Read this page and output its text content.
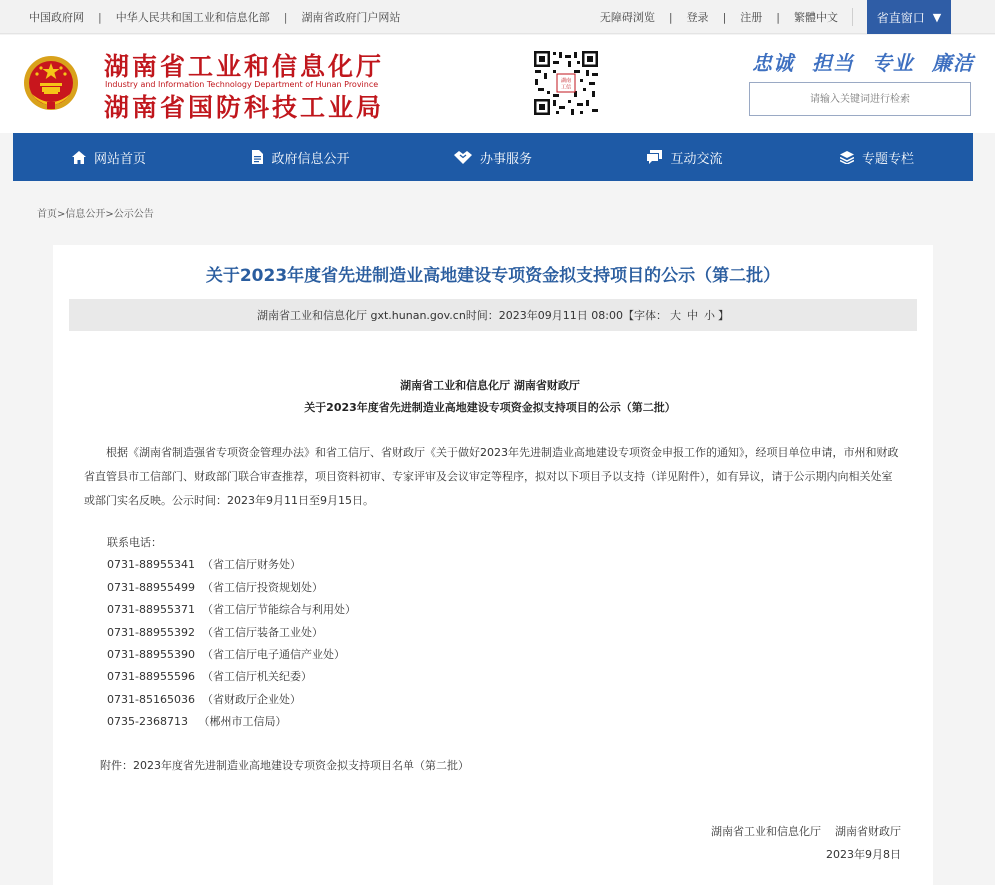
中国政府网 | 中华人民共和国工业和信息化部 | 湖南省政府门户网站	无障碍浏览 | 登录 | 注册 | 繁體中文	省直窗口 ▼
湖南省工业和信息化厅
Industry and Information Technology Department of Hunan Province
湖南省国防科技工业局
湖南
工信
忠诚 担当 专业 廉洁
请输入关键词进行检索
网站首页	政府信息公开	办事服务	互动交流	专题专栏
首页>信息公开>公示公告
关于2023年度省先进制造业高地建设专项资金拟支持项目的公示（第二批）
湖南省工业和信息化厅 gxt.hunan.gov.cn 时间：2023年09月11日 08:00 【字体： 大 中 小 】
湖南省工业和信息化厅 湖南省财政厅
关于2023年度省先进制造业高地建设专项资金拟支持项目的公示（第二批）

根据《湖南省制造强省专项资金管理办法》和省工信厅、省财政厅《关于做好2023年先进制造业高地建设专项资金申报工作的通知》，经项目单位申请，市州和财政省直管县市工信部门、财政部门联合审查推荐，项目资料初审、专家评审及会议审定等程序，拟对以下项目予以支持（详见附件），如有异议，请于公示期内向相关处室或部门实名反映。公示时间：2023年9月11日至9月15日。

联系电话：
0731-88955341 （省工信厅财务处）
0731-88955499 （省工信厅投资规划处）
0731-88955371 （省工信厅节能综合与利用处）
0731-88955392 （省工信厅装备工业处）
0731-88955390 （省工信厅电子通信产业处）
0731-88955596 （省工信厅机关纪委）
0731-85165036 （省财政厅企业处）
0735-2368713 （郴州市工信局）
附件：2023年度省先进制造业高地建设专项资金拟支持项目名单（第二批）
湖南省工业和信息化厅    湖南省财政厅
2023年9月8日
